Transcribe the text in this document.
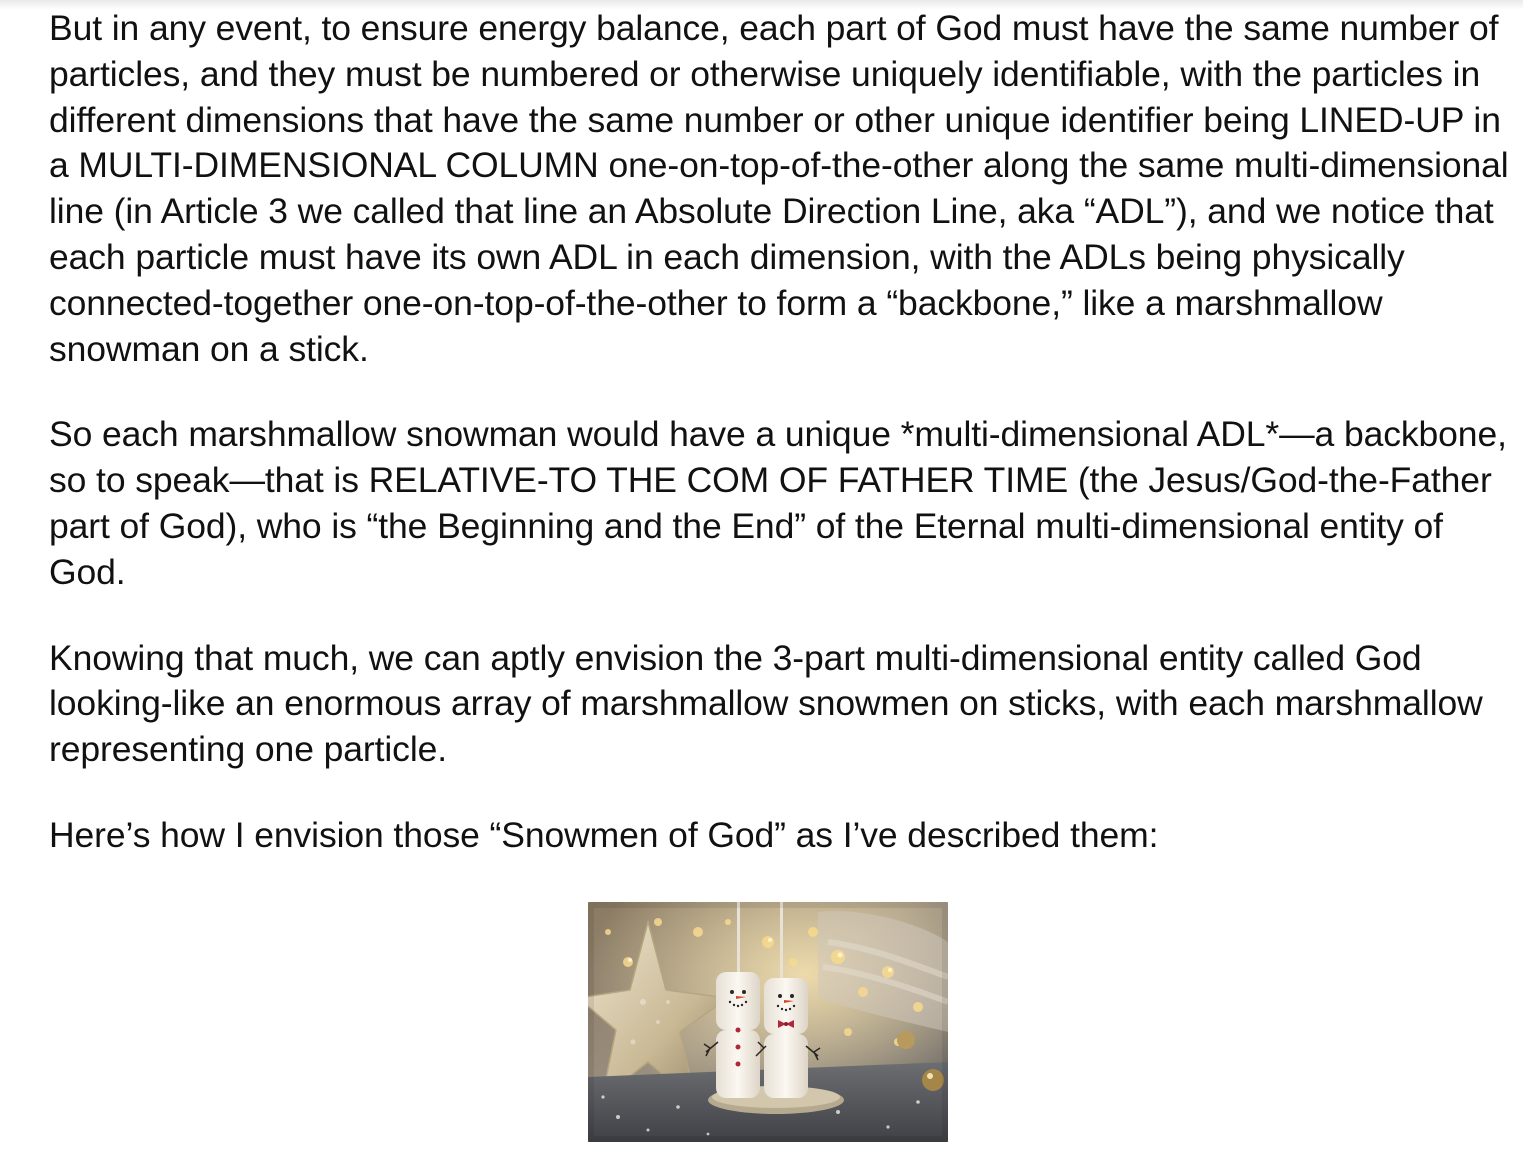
But in any event, to ensure energy balance, each part of God must have the same number of particles, and they must be numbered or otherwise uniquely identifiable, with the particles in different dimensions that have the same number or other unique identifier being LINED-UP in a MULTI-DIMENSIONAL COLUMN one-on-top-of-the-other along the same multi-dimensional line (in Article 3 we called that line an Absolute Direction Line, aka “ADL”), and we notice that each particle must have its own ADL in each dimension, with the ADLs being physically connected-together one-on-top-of-the-other to form a “backbone,” like a marshmallow snowman on a stick.

So each marshmallow snowman would have a unique *multi-dimensional ADL*—a backbone, so to speak—that is RELATIVE-TO THE COM OF FATHER TIME (the Jesus/God-the-Father part of God), who is “the Beginning and the End” of the Eternal multi-dimensional entity of God.

Knowing that much, we can aptly envision the 3-part multi-dimensional entity called God looking-like an enormous array of marshmallow snowmen on sticks, with each marshmallow representing one particle.

Here’s how I envision those “Snowmen of God” as I’ve described them:
